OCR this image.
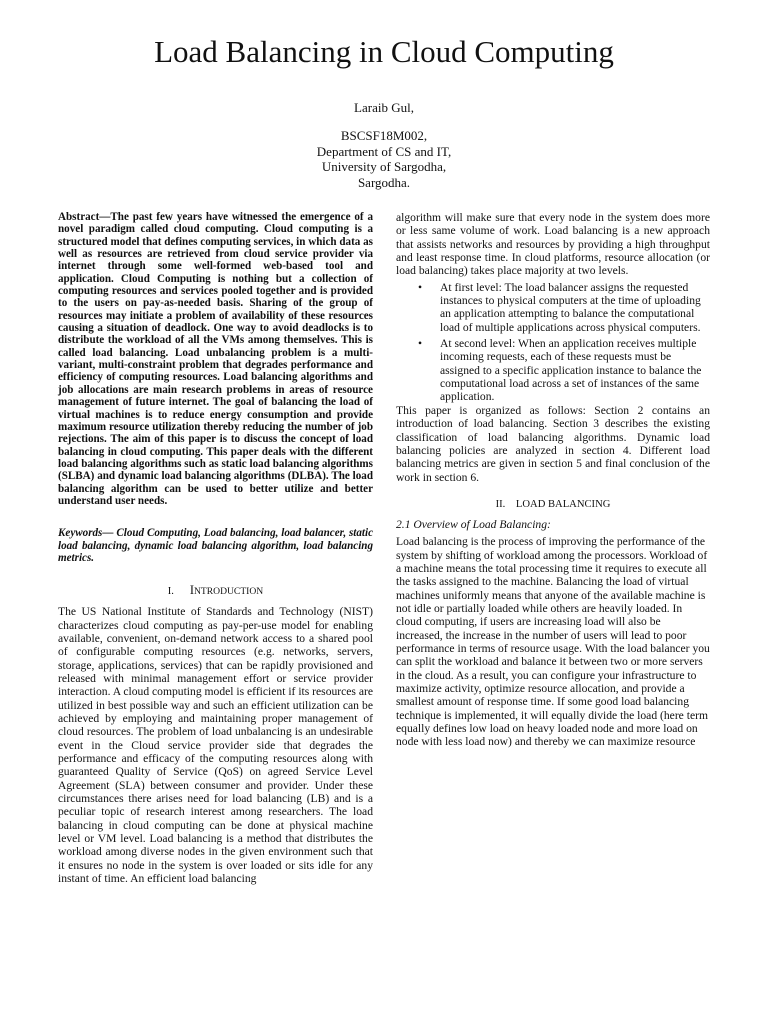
Load Balancing in Cloud Computing
Laraib Gul,
BSCSF18M002,
Department of CS and IT,
University of Sargodha,
Sargodha.

Abstract—The past few years have witnessed the emergence of a novel paradigm called cloud computing. Cloud computing is a structured model that defines computing services, in which data as well as resources are retrieved from cloud service provider via internet through some well-formed web-based tool and application. Cloud Computing is nothing but a collection of computing resources and services pooled together and is provided to the users on pay-as-needed basis. Sharing of the group of resources may initiate a problem of availability of these resources causing a situation of deadlock. One way to avoid deadlocks is to distribute the workload of all the VMs among themselves. This is called load balancing. Load unbalancing problem is a multi-variant, multi-constraint problem that degrades performance and efficiency of computing resources. Load balancing algorithms and job allocations are main research problems in areas of resource management of future internet. The goal of balancing the load of virtual machines is to reduce energy consumption and provide maximum resource utilization thereby reducing the number of job rejections. The aim of this paper is to discuss the concept of load balancing in cloud computing. This paper deals with the different load balancing algorithms such as static load balancing algorithms (SLBA) and dynamic load balancing algorithms (DLBA). The load balancing algorithm can be used to better utilize and better understand user needs.

Keywords— Cloud Computing, Load balancing, load balancer, static load balancing, dynamic load balancing algorithm, load balancing metrics.

I. INTRODUCTION

The US National Institute of Standards and Technology (NIST) characterizes cloud computing as pay-per-use model for enabling available, convenient, on-demand network access to a shared pool of configurable computing resources (e.g. networks, servers, storage, applications, services) that can be rapidly provisioned and released with minimal management effort or service provider interaction. A cloud computing model is efficient if its resources are utilized in best possible way and such an efficient utilization can be achieved by employing and maintaining proper management of cloud resources. The problem of load unbalancing is an undesirable event in the Cloud service provider side that degrades the performance and efficacy of the computing resources along with guaranteed Quality of Service (QoS) on agreed Service Level Agreement (SLA) between consumer and provider. Under these circumstances there arises need for load balancing (LB) and is a peculiar topic of research interest among researchers. The load balancing in cloud computing can be done at physical machine level or VM level. Load balancing is a method that distributes the workload among diverse nodes in the given environment such that it ensures no node in the system is over loaded or sits idle for any instant of time. An efficient load balancing

algorithm will make sure that every node in the system does more or less same volume of work. Load balancing is a new approach that assists networks and resources by providing a high throughput and least response time. In cloud platforms, resource allocation (or load balancing) takes place majority at two levels.

• At first level: The load balancer assigns the requested instances to physical computers at the time of uploading an application attempting to balance the computational load of multiple applications across physical computers.
• At second level: When an application receives multiple incoming requests, each of these requests must be assigned to a specific application instance to balance the computational load across a set of instances of the same application.

This paper is organized as follows: Section 2 contains an introduction of load balancing. Section 3 describes the existing classification of load balancing algorithms. Dynamic load balancing policies are analyzed in section 4. Different load balancing metrics are given in section 5 and final conclusion of the work in section 6.

II. LOAD BALANCING
2.1 Overview of Load Balancing:

Load balancing is the process of improving the performance of the system by shifting of workload among the processors. Workload of a machine means the total processing time it requires to execute all the tasks assigned to the machine. Balancing the load of virtual machines uniformly means that anyone of the available machine is not idle or partially loaded while others are heavily loaded. In cloud computing, if users are increasing load will also be increased, the increase in the number of users will lead to poor performance in terms of resource usage. With the load balancer you can split the workload and balance it between two or more servers in the cloud. As a result, you can configure your infrastructure to maximize activity, optimize resource allocation, and provide a smallest amount of response time. If some good load balancing technique is implemented, it will equally divide the load (here term equally defines low load on heavy loaded node and more load on node with less load now) and thereby we can maximize resource
